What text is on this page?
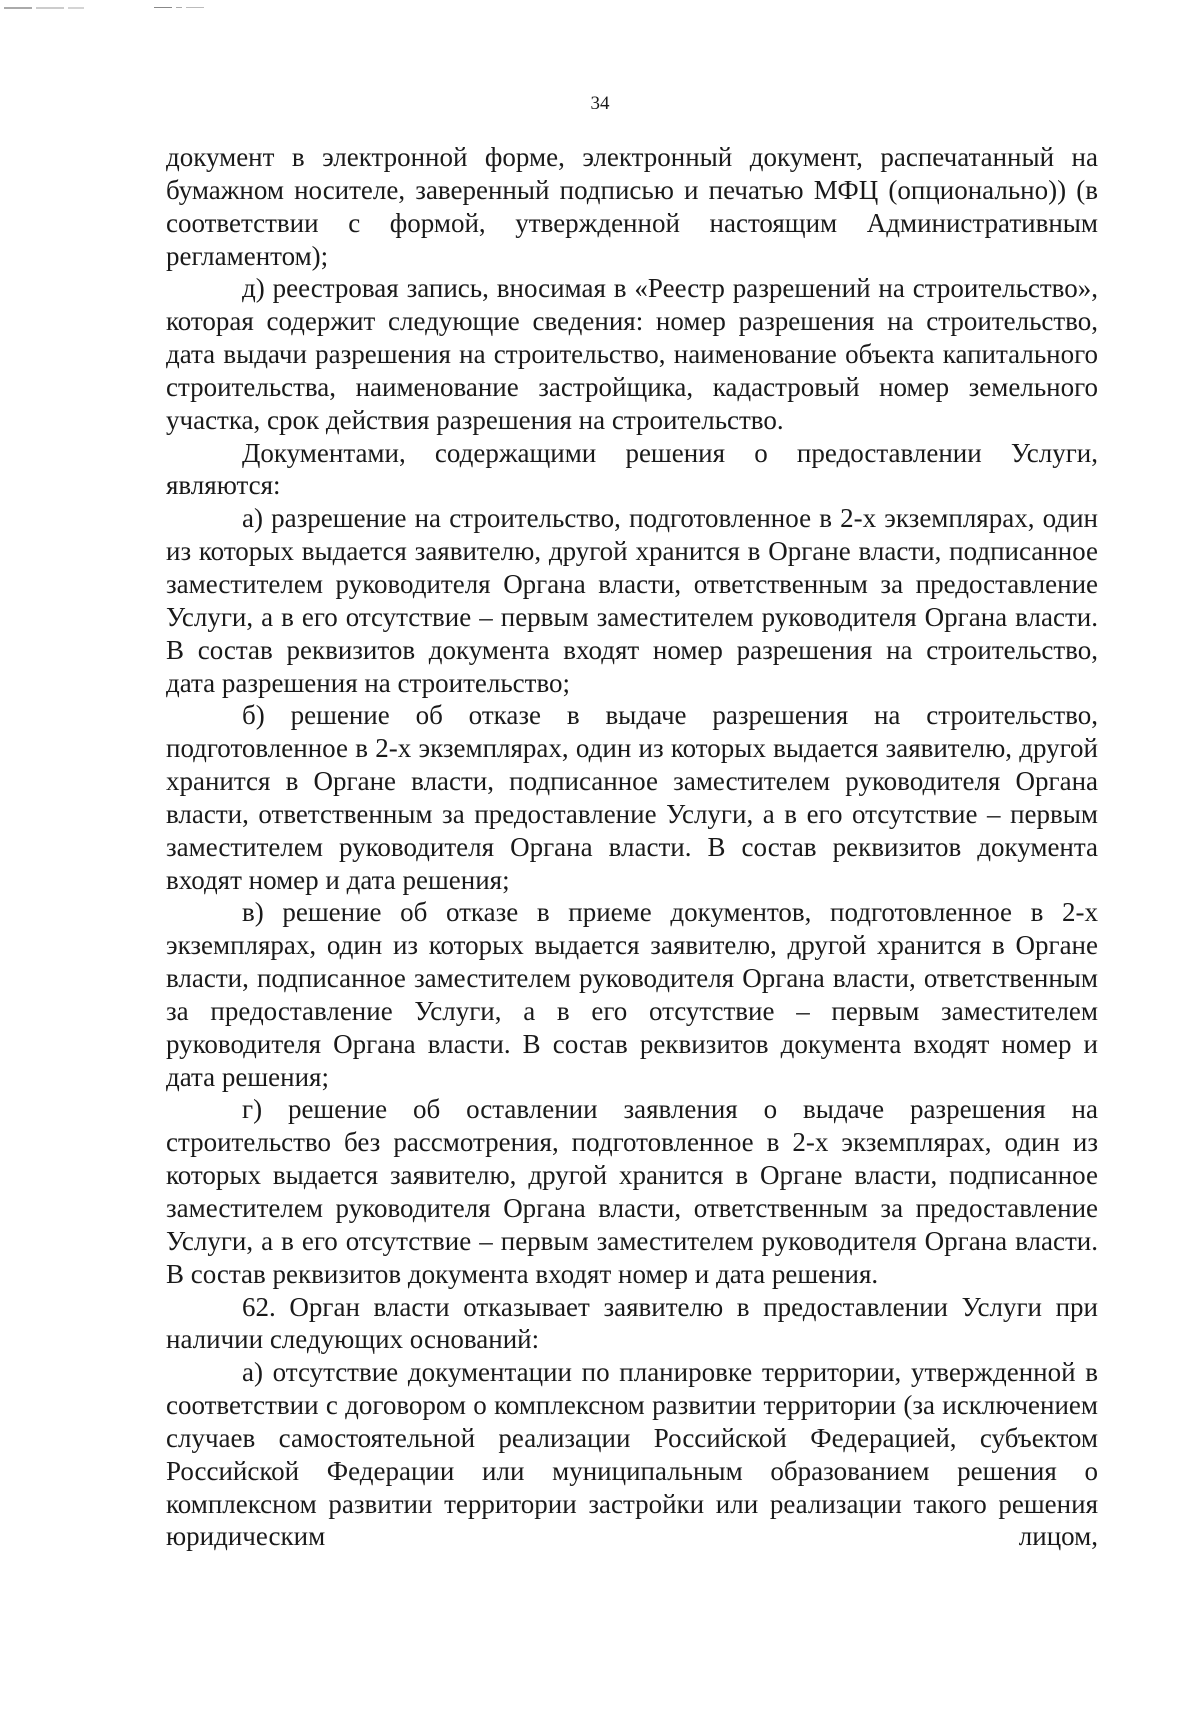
34

документ в электронной форме, электронный документ, распечатанный на бумажном носителе, заверенный подписью и печатью МФЦ (опционально)) (в соответствии с формой, утвержденной настоящим Административным регламентом);

д) реестровая запись, вносимая в «Реестр разрешений на строительство», которая содержит следующие сведения: номер разрешения на строительство, дата выдачи разрешения на строительство, наименование объекта капитального строительства, наименование застройщика, кадастровый номер земельного участка, срок действия разрешения на строительство.

Документами, содержащими решения о предоставлении Услуги, являются:

а) разрешение на строительство, подготовленное в 2-х экземплярах, один из которых выдается заявителю, другой хранится в Органе власти, подписанное заместителем руководителя Органа власти, ответственным за предоставление Услуги, а в его отсутствие – первым заместителем руководителя Органа власти. В состав реквизитов документа входят номер разрешения на строительство, дата разрешения на строительство;

б) решение об отказе в выдаче разрешения на строительство, подготовленное в 2-х экземплярах, один из которых выдается заявителю, другой хранится в Органе власти, подписанное заместителем руководителя Органа власти, ответственным за предоставление Услуги, а в его отсутствие – первым заместителем руководителя Органа власти. В состав реквизитов документа входят номер и дата решения;

в) решение об отказе в приеме документов, подготовленное в 2-х экземплярах, один из которых выдается заявителю, другой хранится в Органе власти, подписанное заместителем руководителя Органа власти, ответственным за предоставление Услуги, а в его отсутствие – первым заместителем руководителя Органа власти. В состав реквизитов документа входят номер и дата решения;

г) решение об оставлении заявления о выдаче разрешения на строительство без рассмотрения, подготовленное в 2-х экземплярах, один из которых выдается заявителю, другой хранится в Органе власти, подписанное заместителем руководителя Органа власти, ответственным за предоставление Услуги, а в его отсутствие – первым заместителем руководителя Органа власти. В состав реквизитов документа входят номер и дата решения.

62. Орган власти отказывает заявителю в предоставлении Услуги при наличии следующих оснований:

а) отсутствие документации по планировке территории, утвержденной в соответствии с договором о комплексном развитии территории (за исключением случаев самостоятельной реализации Российской Федерацией, субъектом Российской Федерации или муниципальным образованием решения о комплексном развитии территории застройки или реализации такого решения юридическим лицом,
